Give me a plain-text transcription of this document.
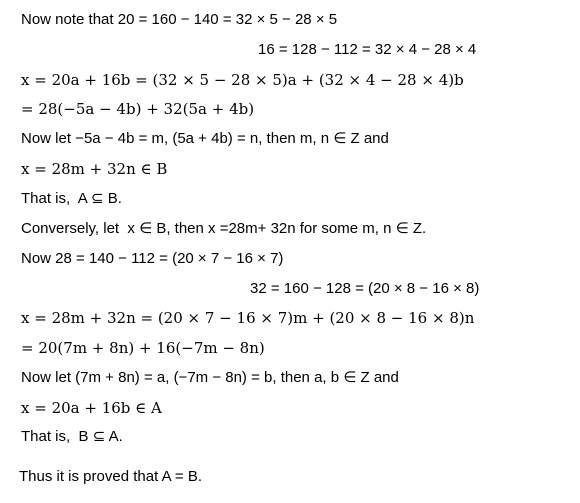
Now note that 20 = 160 − 140 = 32 × 5 − 28 × 5
16 = 128 − 112 = 32 × 4 − 28 × 4
x = 20a + 16b = (32 × 5 − 28 × 5)a + (32 × 4 − 28 × 4)b
= 28(−5a − 4b) + 32(5a + 4b)
Now let −5a − 4b = m, (5a + 4b) = n, then m, n ∈ Z and
x = 28m + 32n ∈ B
That is,  A ⊆ B.
Conversely, let  x ∈ B, then x =28m+ 32n for some m, n ∈ Z.
Now 28 = 140 − 112 = (20 × 7 − 16 × 7)
32 = 160 − 128 = (20 × 8 − 16 × 8)
x = 28m + 32n = (20 × 7 − 16 × 7)m + (20 × 8 − 16 × 8)n
= 20(7m + 8n) + 16(−7m − 8n)
Now let (7m + 8n) = a, (−7m − 8n) = b, then a, b ∈ Z and
x = 20a + 16b ∈ A
That is,  B ⊆ A.
Thus it is proved that A = B.
